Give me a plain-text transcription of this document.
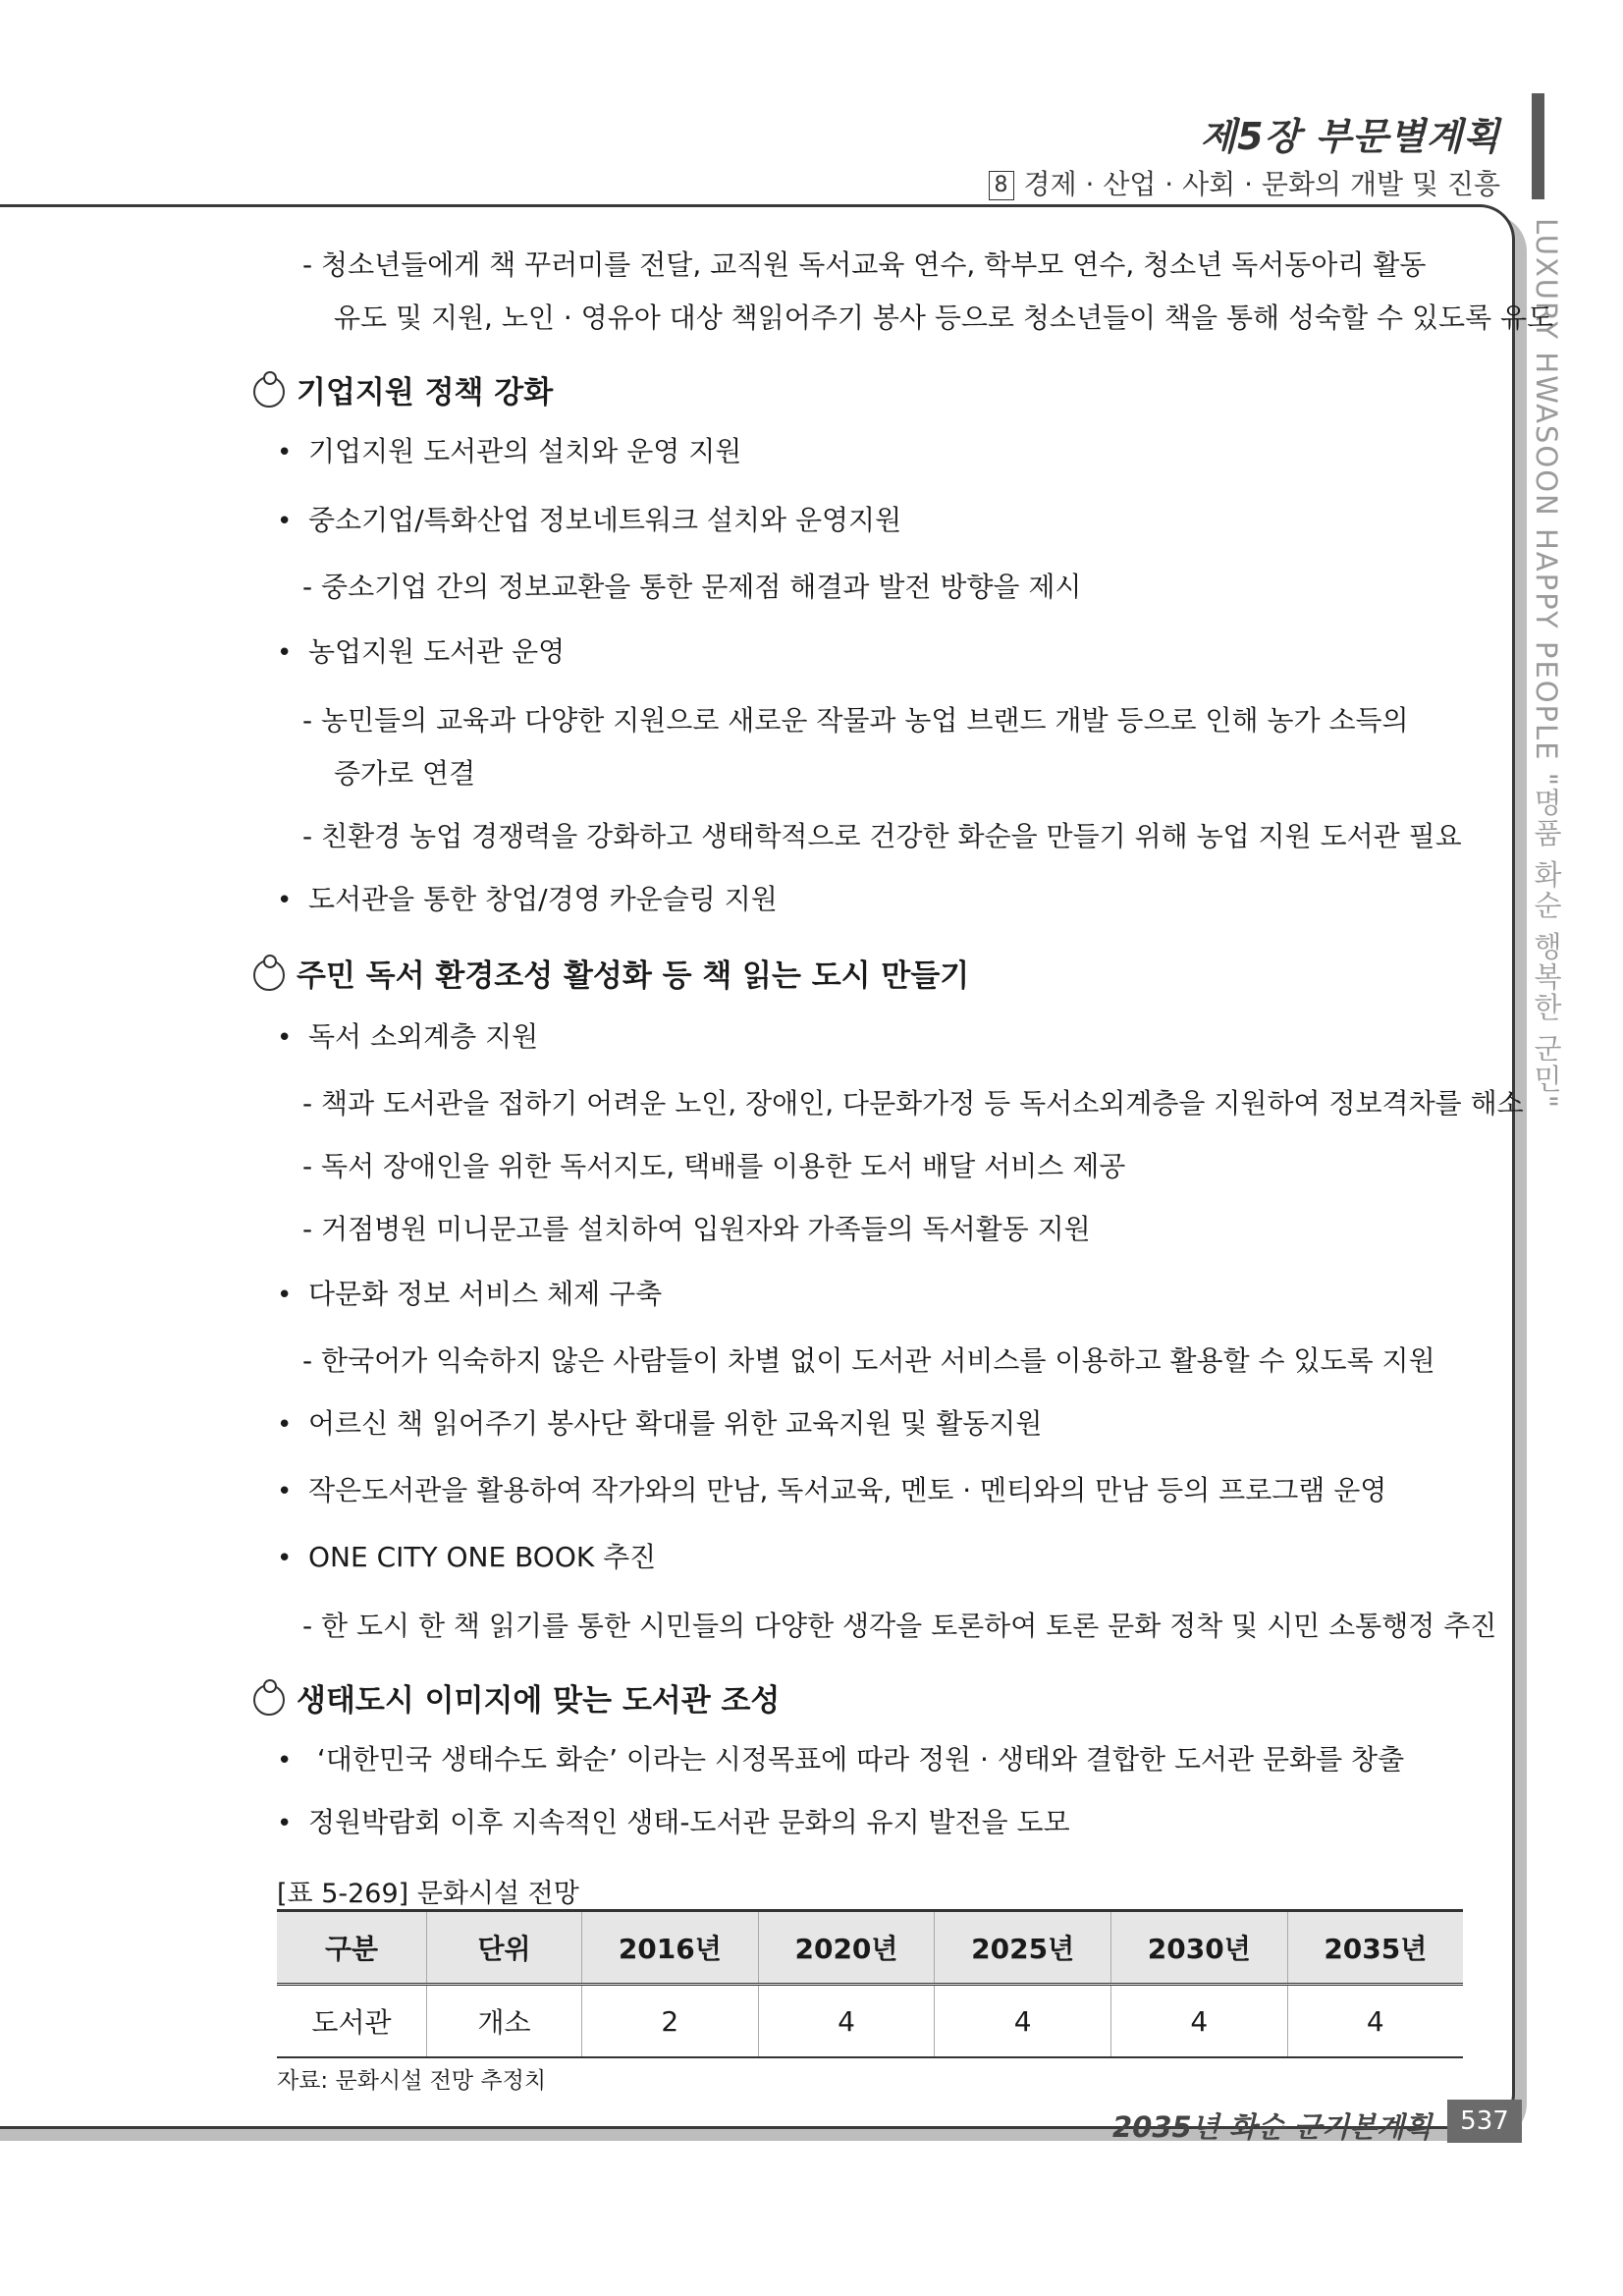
제5장 부문별계획
8 경제 · 산업 · 사회 · 문화의 개발 및 진흥
LUXURY HWASOON HAPPY PEOPLE "명품 화순 행복한 군민"
- 청소년들에게 책 꾸러미를 전달, 교직원 독서교육 연수, 학부모 연수, 청소년 독서동아리 활동
유도 및 지원, 노인 · 영유아 대상 책읽어주기 봉사 등으로 청소년들이 책을 통해 성숙할 수 있도록 유도
기업지원 정책 강화
• 기업지원 도서관의 설치와 운영 지원
• 중소기업/특화산업 정보네트워크 설치와 운영지원
- 중소기업 간의 정보교환을 통한 문제점 해결과 발전 방향을 제시
• 농업지원 도서관 운영
- 농민들의 교육과 다양한 지원으로 새로운 작물과 농업 브랜드 개발 등으로 인해 농가 소득의
증가로 연결
- 친환경 농업 경쟁력을 강화하고 생태학적으로 건강한 화순을 만들기 위해 농업 지원 도서관 필요
• 도서관을 통한 창업/경영 카운슬링 지원
주민 독서 환경조성 활성화 등 책 읽는 도시 만들기
• 독서 소외계층 지원
- 책과 도서관을 접하기 어려운 노인, 장애인, 다문화가정 등 독서소외계층을 지원하여 정보격차를 해소
- 독서 장애인을 위한 독서지도, 택배를 이용한 도서 배달 서비스 제공
- 거점병원 미니문고를 설치하여 입원자와 가족들의 독서활동 지원
• 다문화 정보 서비스 체제 구축
- 한국어가 익숙하지 않은 사람들이 차별 없이 도서관 서비스를 이용하고 활용할 수 있도록 지원
• 어르신 책 읽어주기 봉사단 확대를 위한 교육지원 및 활동지원
• 작은도서관을 활용하여 작가와의 만남, 독서교육, 멘토 · 멘티와의 만남 등의 프로그램 운영
• ONE CITY ONE BOOK 추진
- 한 도시 한 책 읽기를 통한 시민들의 다양한 생각을 토론하여 토론 문화 정착 및 시민 소통행정 추진
생태도시 이미지에 맞는 도서관 조성
• ‘대한민국 생태수도 화순’ 이라는 시정목표에 따라 정원 · 생태와 결합한 도서관 문화를 창출
• 정원박람회 이후 지속적인 생태-도서관 문화의 유지 발전을 도모
[표 5-269] 문화시설 전망
구분	단위	2016년	2020년	2025년	2030년	2035년
도서관	개소	2	4	4	4	4
자료: 문화시설 전망 추정치
2035년 화순 군기본계획	537
